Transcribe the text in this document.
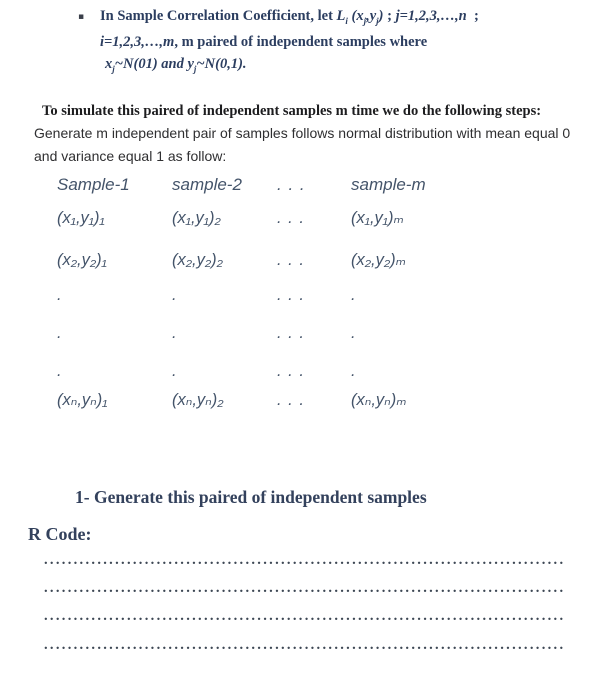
▪	In Sample Correlation Coefficient, let $L_i$ $(x_j,y_j)$ ; j=1,2,3,…,n  ;
i=1,2,3,…,m, m paired of independent samples where
$x_j\sim N(01)$ and $y_j\sim N(0,1)$.
To simulate this paired of independent samples m time we do the following steps:
Generate m independent pair of samples follows normal distribution with mean equal 0
and variance equal 1 as follow:
Sample-1	sample-2	. . .	sample-m
(x₁,y₁)₁	(x₁,y₁)₂	. . .	(x₁,y₁)ₘ
(x₂,y₂)₁	(x₂,y₂)₂	. . .	(x₂,y₂)ₘ
.	.	. . .	.
.	.	. . .	.
.	.	. . .	.
(xₙ,yₙ)₁	(xₙ,yₙ)₂	. . .	(xₙ,yₙ)ₘ
1- Generate this paired of independent samples
R Code:
........................................................................................
........................................................................................
........................................................................................
........................................................................................
